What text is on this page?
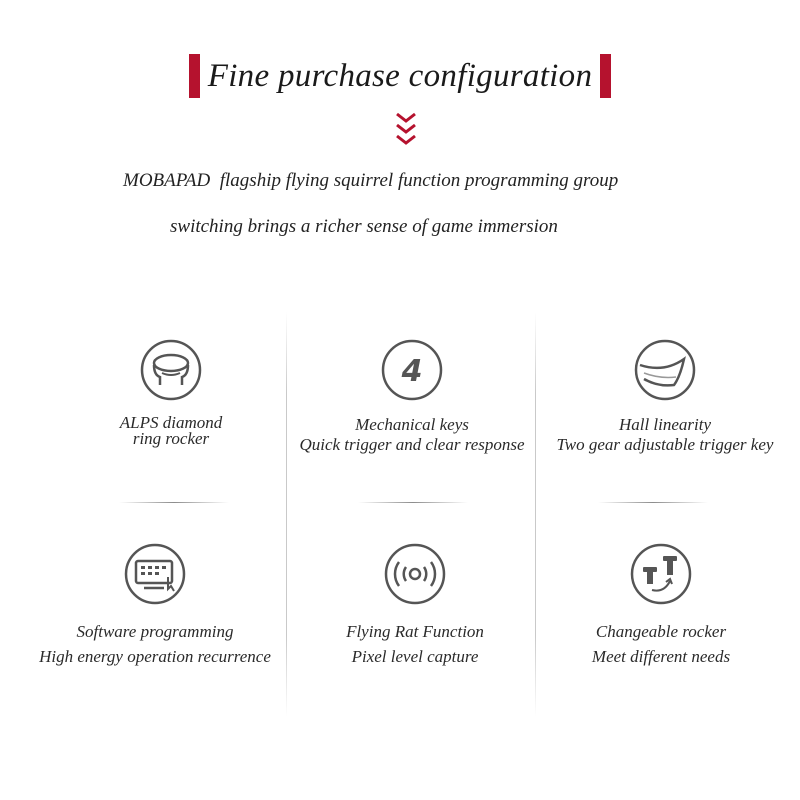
Fine purchase configuration
MOBAPAD  flagship flying squirrel function programming group
switching brings a richer sense of game immersion
ALPS diamond
ring rocker
4
Mechanical keys
Quick trigger and clear response
Hall linearity
Two gear adjustable trigger key
Software programming
High energy operation recurrence
Flying Rat Function
Pixel level capture
Changeable rocker
Meet different needs
